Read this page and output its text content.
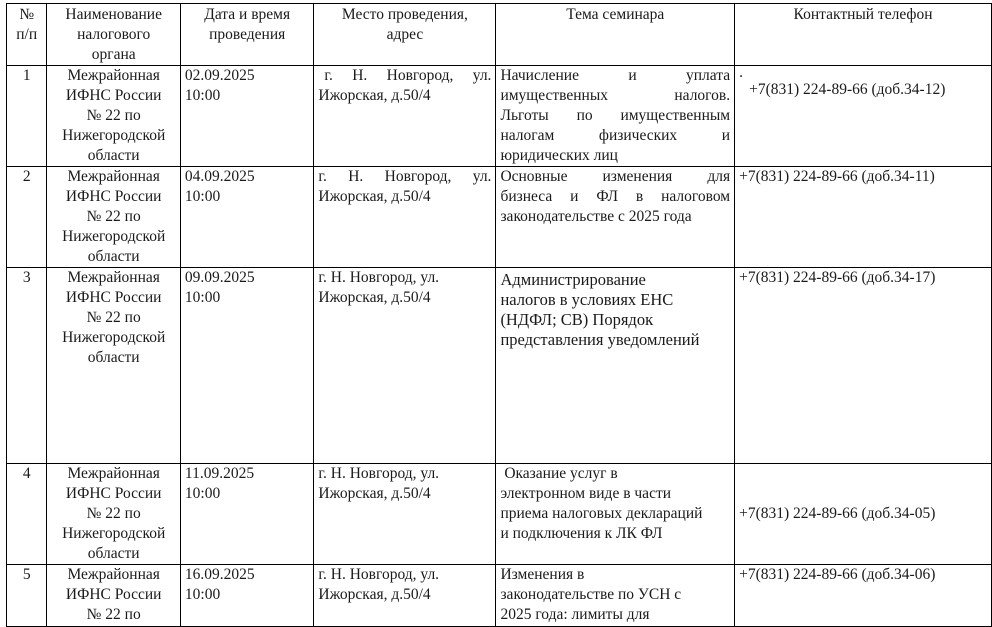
№
п/п	Наименование
налогового
органа	Дата и время
проведения	Место проведения,
адрес	Тема семинара	Контактный телефон

1	Межрайонная
ИФНС России
№ 22 по
Нижегородской
области	02.09.2025
10:00	г. Н. Новгород, ул.
Ижорская, д.50/4	Начисление и уплата
имущественных налогов.
Льготы по имущественным
налогам физических и
юридических лиц	.
+7(831) 224-89-66 (доб.34-12)

2	Межрайонная
ИФНС России
№ 22 по
Нижегородской
области	04.09.2025
10:00	г. Н. Новгород, ул.
Ижорская, д.50/4	Основные изменения для
бизнеса и ФЛ в налоговом
законодательстве с 2025 года	+7(831) 224-89-66 (доб.34-11)

3	Межрайонная
ИФНС России
№ 22 по
Нижегородской
области	09.09.2025
10:00	г. Н. Новгород, ул.
Ижорская, д.50/4	Администрирование
налогов в условиях ЕНС
(НДФЛ; СВ) Порядок
представления уведомлений	+7(831) 224-89-66 (доб.34-17)

4	Межрайонная
ИФНС России
№ 22 по
Нижегородской
области	11.09.2025
10:00	г. Н. Новгород, ул.
Ижорская, д.50/4	Оказание услуг в
электронном виде в части
приема налоговых деклараций
и подключения к ЛК ФЛ	+7(831) 224-89-66 (доб.34-05)

5	Межрайонная
ИФНС России
№ 22 по	16.09.2025
10:00	г. Н. Новгород, ул.
Ижорская, д.50/4	Изменения в
законодательстве по УСН с
2025 года: лимиты для	+7(831) 224-89-66 (доб.34-06)
